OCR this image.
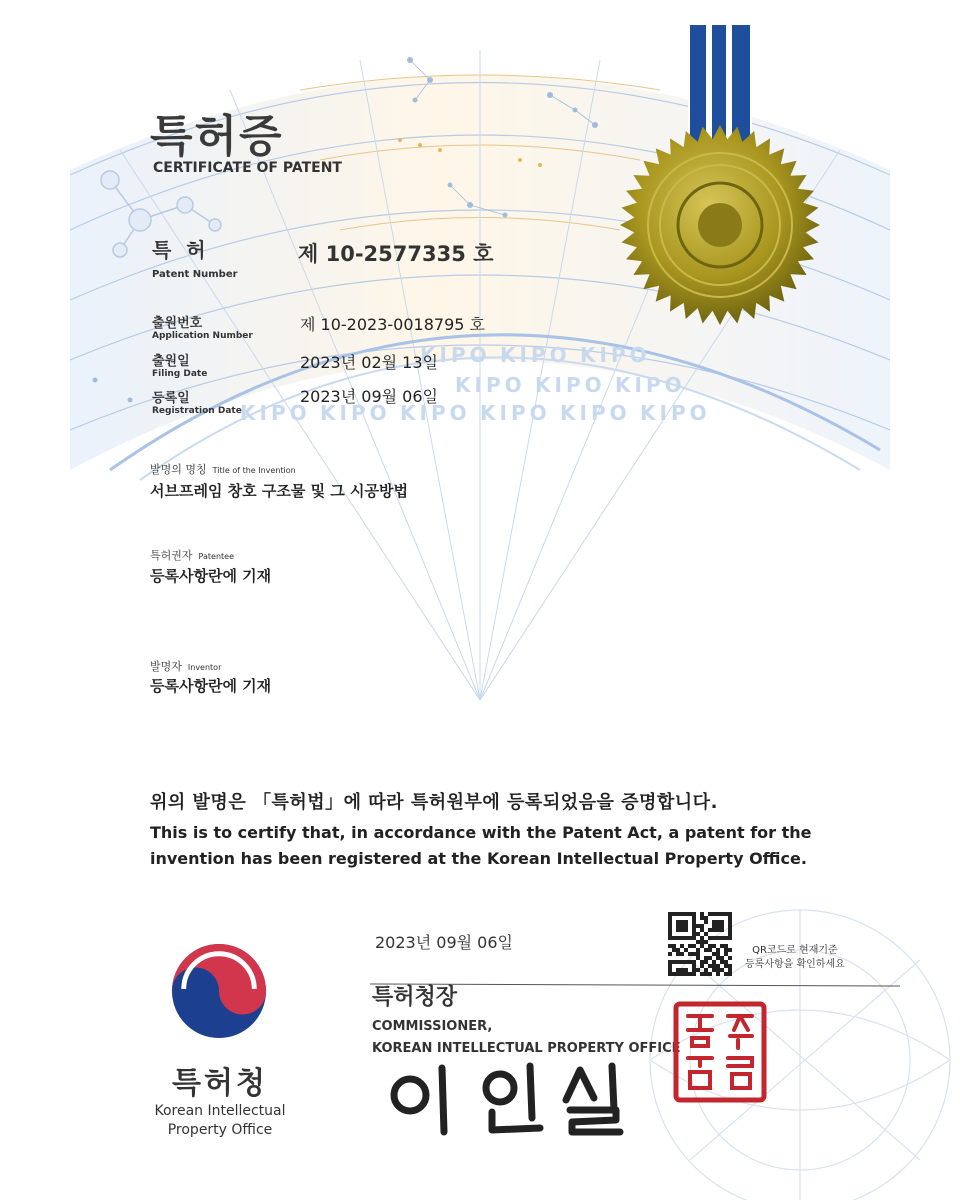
KIPO KIPO KIPO
KIPO KIPO KIPO
KIPO KIPO KIPO KIPO KIPO KIPO
특허증
CERTIFICATE OF PATENT
특 허
Patent Number
제 10-2577335 호
출원번호
Application Number
제 10-2023-0018795 호
출원일
Filing Date
2023년 02월 13일
등록일
Registration Date
2023년 09월 06일
발명의 명칭 Title of the Invention
서브프레임 창호 구조물 및 그 시공방법
특허권자 Patentee
등록사항란에 기재
발명자 Inventor
등록사항란에 기재
위의 발명은 「특허법」에 따라 특허원부에 등록되었음을 증명합니다.
This is to certify that, in accordance with the Patent Act, a patent for the invention has been registered at the Korean Intellectual Property Office.
2023년 09월 06일	QR코드로 현재기준
등록사항을 확인하세요
특허청장
COMMISSIONER,
KOREAN INTELLECTUAL PROPERTY OFFICE
특허청
Korean Intellectual
Property Office
